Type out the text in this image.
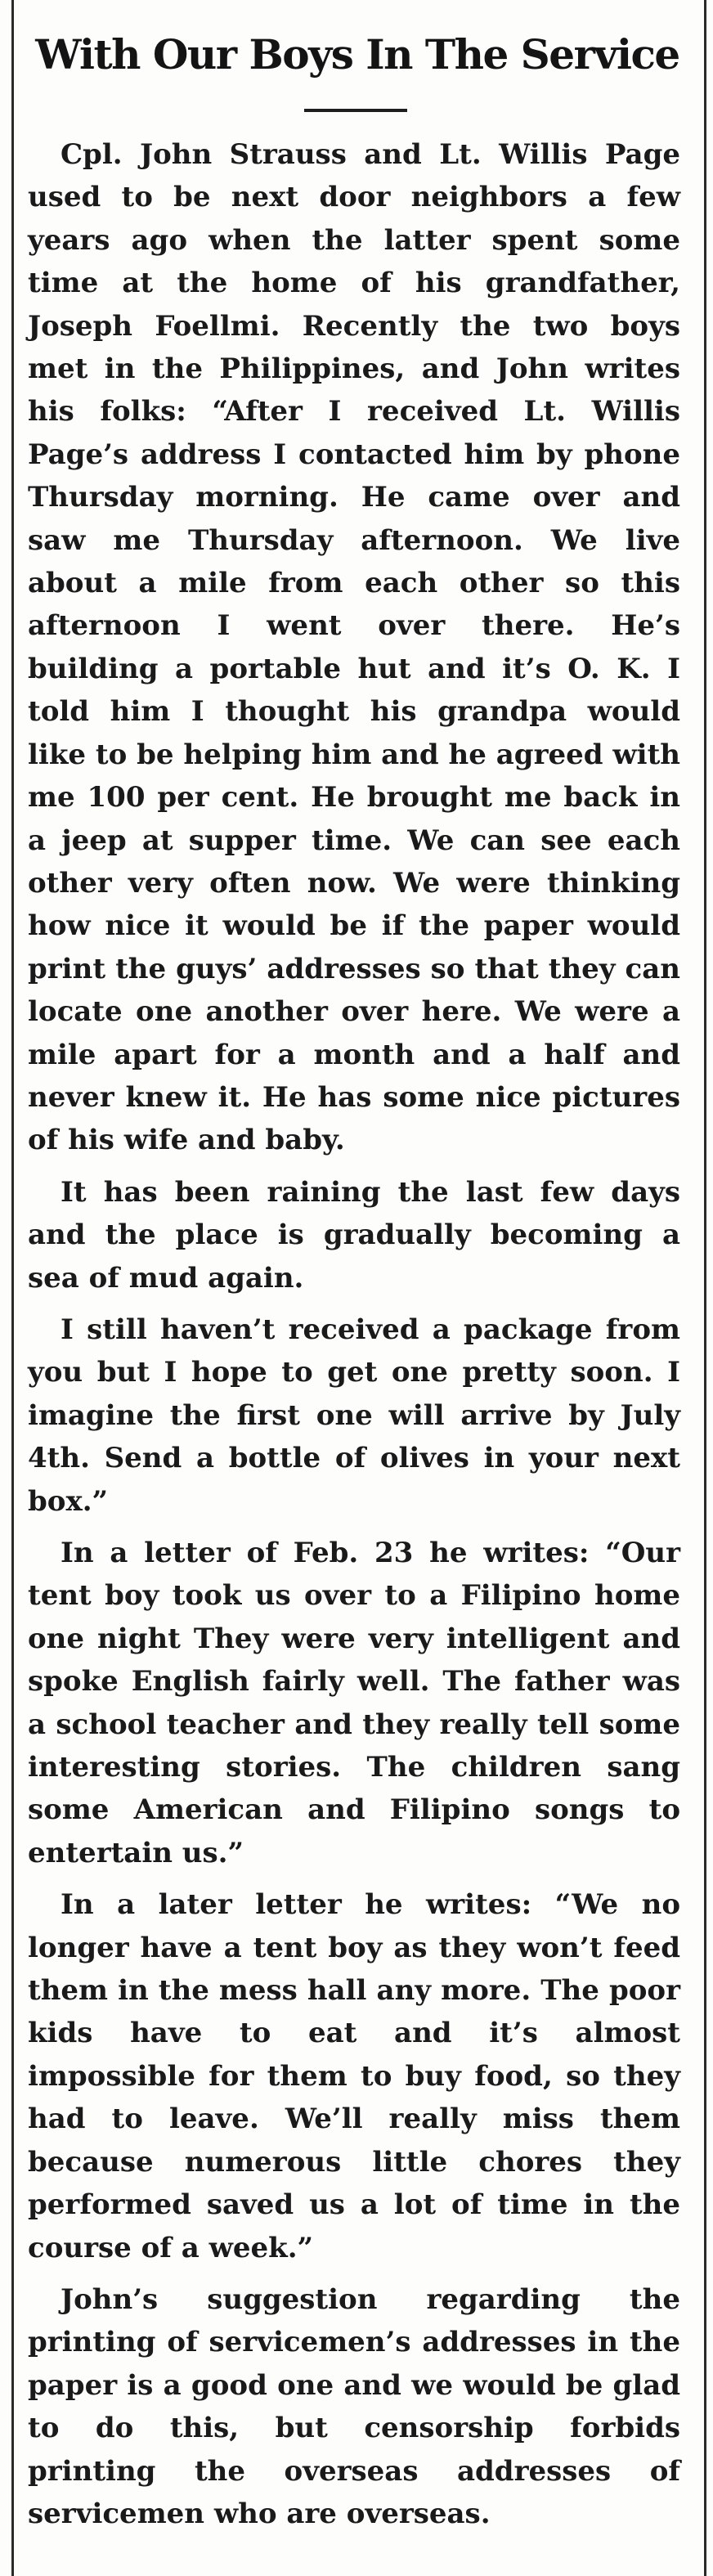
With Our Boys In The Service

Cpl. John Strauss and Lt. Willis Page used to be next door neighbors a few years ago when the latter spent some time at the home of his grandfather, Joseph Foellmi. Recently the two boys met in the Philippines, and John writes his folks: “After I received Lt. Willis Page’s address I contacted him by phone Thursday morning. He came over and saw me Thursday afternoon. We live about a mile from each other so this afternoon I went over there. He’s building a portable hut and it’s O. K. I told him I thought his grandpa would like to be helping him and he agreed with me 100 per cent. He brought me back in a jeep at supper time. We can see each other very often now. We were thinking how nice it would be if the paper would print the guys’ addresses so that they can locate one another over here. We were a mile apart for a month and a half and never knew it. He has some nice pictures of his wife and baby.

It has been raining the last few days and the place is gradually becoming a sea of mud again.

I still haven’t received a package from you but I hope to get one pretty soon. I imagine the first one will arrive by July 4th. Send a bottle of olives in your next box.”

In a letter of Feb. 23 he writes: “Our tent boy took us over to a Filipino home one night They were very intelligent and spoke English fairly well. The father was a school teacher and they really tell some interesting stories. The children sang some American and Filipino songs to entertain us.”

In a later letter he writes: “We no longer have a tent boy as they won’t feed them in the mess hall any more. The poor kids have to eat and it’s almost impossible for them to buy food, so they had to leave. We’ll really miss them because numerous little chores they performed saved us a lot of time in the course of a week.”

John’s suggestion regarding the printing of servicemen’s addresses in the paper is a good one and we would be glad to do this, but censorship forbids printing the overseas addresses of servicemen who are overseas.
